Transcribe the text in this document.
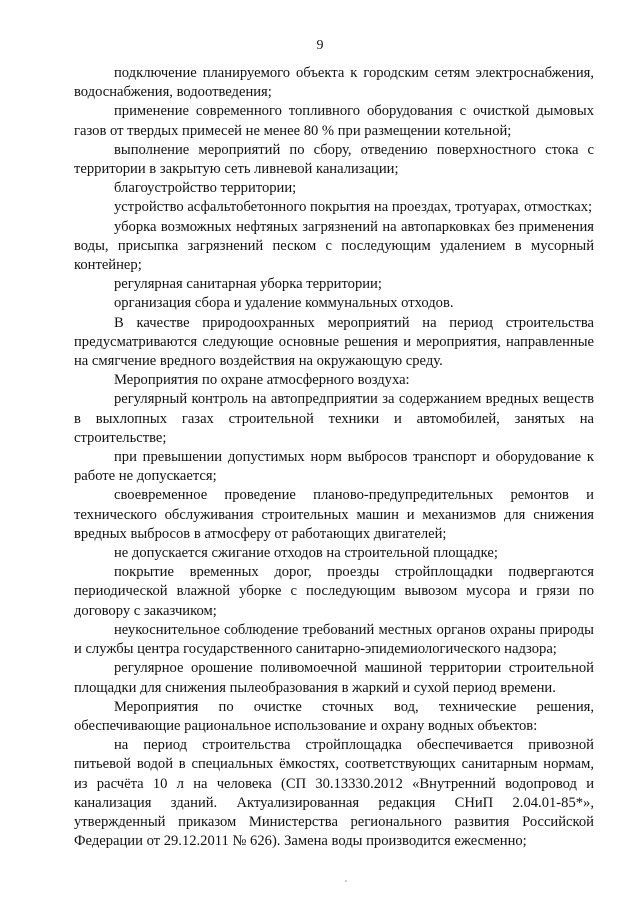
9

подключение планируемого объекта к городским сетям электроснабжения, водоснабжения, водоотведения;

применение современного топливного оборудования с очисткой дымовых газов от твердых примесей не менее 80 % при размещении котельной;

выполнение мероприятий по сбору, отведению поверхностного стока с территории в закрытую сеть ливневой канализации;

благоустройство территории;

устройство асфальтобетонного покрытия на проездах, тротуарах, отмостках;

уборка возможных нефтяных загрязнений на автопарковках без применения воды, присыпка загрязнений песком с последующим удалением в мусорный контейнер;

регулярная санитарная уборка территории;

организация сбора и удаление коммунальных отходов.

В качестве природоохранных мероприятий на период строительства предусматриваются следующие основные решения и мероприятия, направленные на смягчение вредного воздействия на окружающую среду.

Мероприятия по охране атмосферного воздуха:

регулярный контроль на автопредприятии за содержанием вредных веществ в выхлопных газах строительной техники и автомобилей, занятых на строительстве;

при превышении допустимых норм выбросов транспорт и оборудование к работе не допускается;

своевременное проведение планово-предупредительных ремонтов и технического обслуживания строительных машин и механизмов для снижения вредных выбросов в атмосферу от работающих двигателей;

не допускается сжигание отходов на строительной площадке;

покрытие временных дорог, проезды стройплощадки подвергаются периодической влажной уборке с последующим вывозом мусора и грязи по договору с заказчиком;

неукоснительное соблюдение требований местных органов охраны природы и службы центра государственного санитарно-эпидемиологического надзора;

регулярное орошение поливомоечной машиной территории строительной площадки для снижения пылеобразования в жаркий и сухой период времени.

Мероприятия по очистке сточных вод, технические решения, обеспечивающие рациональное использование и охрану водных объектов:

на период строительства стройплощадка обеспечивается привозной питьевой водой в специальных ёмкостях, соответствующих санитарным нормам, из расчёта 10 л на человека (СП 30.13330.2012 «Внутренний водопровод и канализация зданий. Актуализированная редакция СНиП 2.04.01-85*», утвержденный приказом Министерства регионального развития Российской Федерации от 29.12.2011 № 626). Замена воды производится ежесменно;
